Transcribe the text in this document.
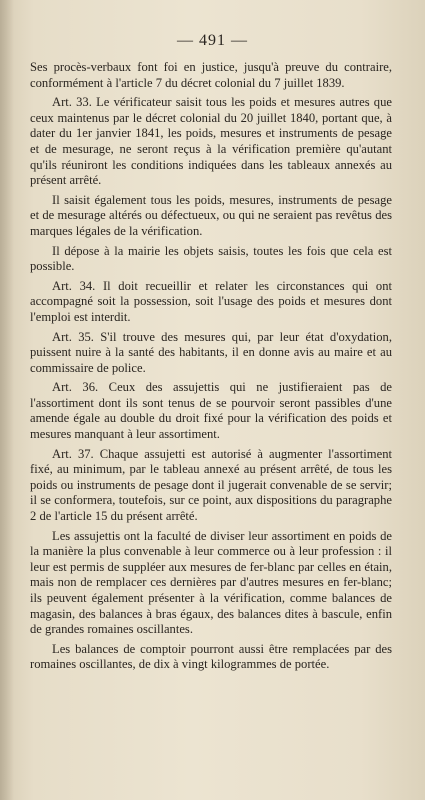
— 491 —

Ses procès-verbaux font foi en justice, jusqu'à preuve du contraire, conformément à l'article 7 du décret colonial du 7 juillet 1839.

Art. 33. Le vérificateur saisit tous les poids et mesures autres que ceux maintenus par le décret colonial du 20 juillet 1840, portant que, à dater du 1er janvier 1841, les poids, mesures et instruments de pesage et de mesurage, ne seront reçus à la vérification première qu'autant qu'ils réuniront les conditions indiquées dans les tableaux annexés au présent arrêté.

Il saisit également tous les poids, mesures, instruments de pesage et de mesurage altérés ou défectueux, ou qui ne seraient pas revêtus des marques légales de la vérification.

Il dépose à la mairie les objets saisis, toutes les fois que cela est possible.

Art. 34. Il doit recueillir et relater les circonstances qui ont accompagné soit la possession, soit l'usage des poids et mesures dont l'emploi est interdit.

Art. 35. S'il trouve des mesures qui, par leur état d'oxydation, puissent nuire à la santé des habitants, il en donne avis au maire et au commissaire de police.

Art. 36. Ceux des assujettis qui ne justifieraient pas de l'assortiment dont ils sont tenus de se pourvoir seront passibles d'une amende égale au double du droit fixé pour la vérification des poids et mesures manquant à leur assortiment.

Art. 37. Chaque assujetti est autorisé à augmenter l'assortiment fixé, au minimum, par le tableau annexé au présent arrêté, de tous les poids ou instruments de pesage dont il jugerait convenable de se servir; il se conformera, toutefois, sur ce point, aux dispositions du paragraphe 2 de l'article 15 du présent arrêté.

Les assujettis ont la faculté de diviser leur assortiment en poids de la manière la plus convenable à leur commerce ou à leur profession : il leur est permis de suppléer aux mesures de fer-blanc par celles en étain, mais non de remplacer ces dernières par d'autres mesures en fer-blanc; ils peuvent également présenter à la vérification, comme balances de magasin, des balances à bras égaux, des balances dites à bascule, enfin de grandes romaines oscillantes.

Les balances de comptoir pourront aussi être remplacées par des romaines oscillantes, de dix à vingt kilogrammes de portée.
